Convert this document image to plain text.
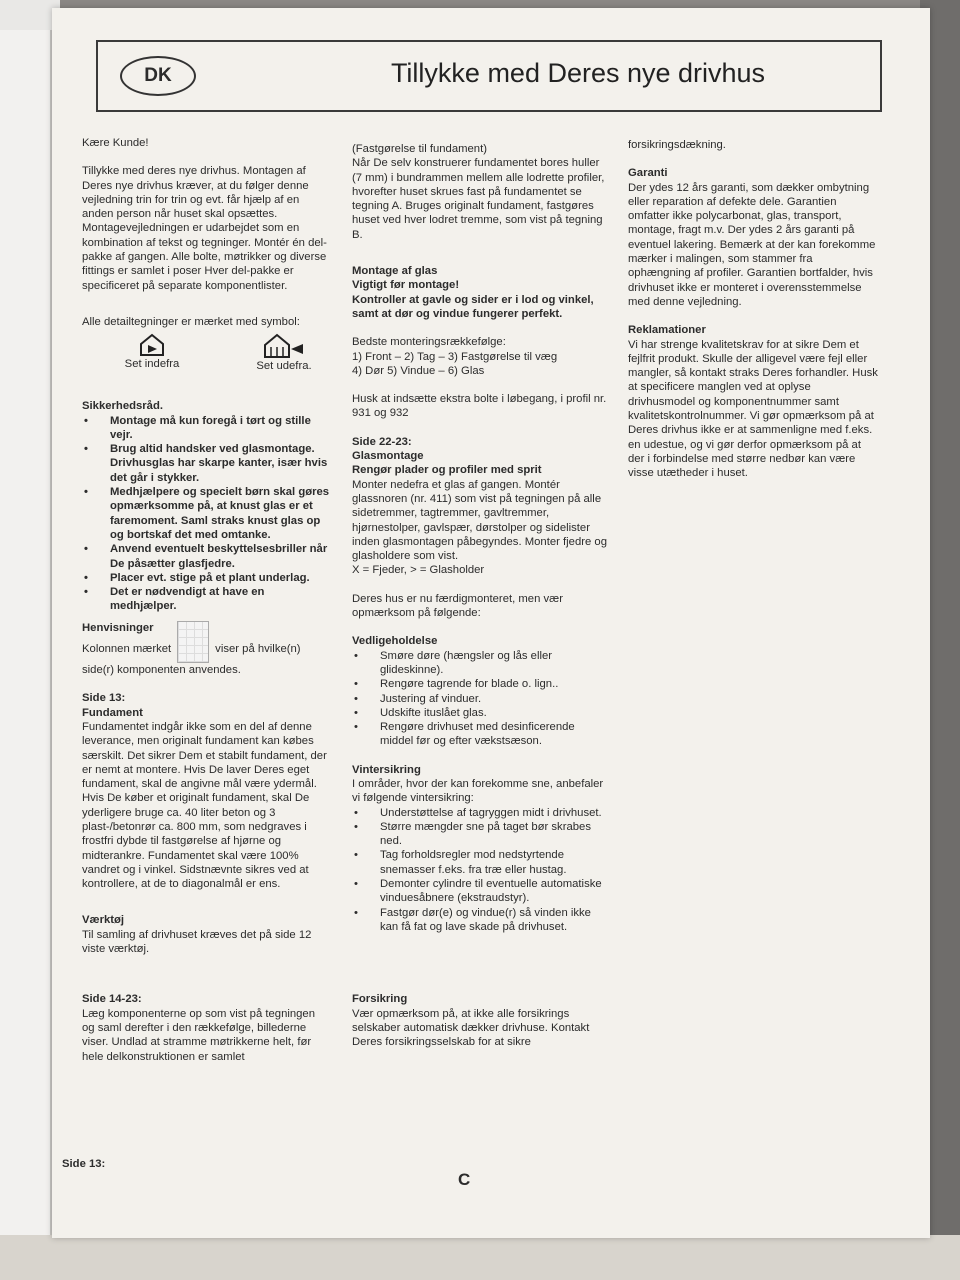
DK	Tillykke med Deres nye drivhus

Kære Kunde!

Tillykke med deres nye drivhus. Montagen af Deres nye drivhus kræver, at du følger denne vejledning trin for trin og evt. får hjælp af en anden person når huset skal opsættes. Montagevejledningen er udarbejdet som en kombination af tekst og tegninger. Montér én del-pakke af gangen. Alle bolte, møtrikker og diverse fittings er samlet i poser Hver del-pakke er specificeret på separate komponentlister.

Alle detailtegninger er mærket med symbol:

Set indefra	Set udefra.

Sikkerhedsråd.

• Montage må kun foregå i tørt og stille vejr.
• Brug altid handsker ved glasmontage. Drivhusglas har skarpe kanter, især hvis det går i stykker.
• Medhjælpere og specielt børn skal gøres opmærksomme på, at knust glas er et faremoment. Saml straks knust glas op og bortskaf det med omtanke.
• Anvend eventuelt beskyttelsesbriller når De påsætter glasfjedre.
• Placer evt. stige på et plant underlag.
• Det er nødvendigt at have en medhjælper.

Henvisninger

Kolonnen mærket	viser på hvilke(n) side(r) komponenten anvendes.

Side 13:

Fundament

Fundamentet indgår ikke som en del af denne leverance, men originalt fundament kan købes særskilt. Det sikrer Dem et stabilt fundament, der er nemt at montere. Hvis De laver Deres eget fundament, skal de angivne mål være ydermål. Hvis De køber et originalt fundament, skal De yderligere bruge ca. 40 liter beton og 3 plast-/betonrør ca. 800 mm, som nedgraves i frostfri dybde til fastgørelse af hjørne og midterankre. Fundamentet skal være 100% vandret og i vinkel. Sidstnævnte sikres ved at kontrollere, at de to diagonalmål er ens.

Værktøj

Til samling af drivhuset kræves det på side 12 viste værktøj.

Side 14-23:

Læg komponenterne op som vist på tegningen og saml derefter i den rækkefølge, billederne viser. Undlad at stramme møtrikkerne helt, før hele delkonstruktionen er samlet

Side 13:

(Fastgørelse til fundament)

Når De selv konstruerer fundamentet bores huller (7 mm) i bundrammen mellem alle lodrette profiler, hvorefter huset skrues fast på fundamentet se tegning A. Bruges originalt fundament, fastgøres huset ved hver lodret tremme, som vist på tegning B.

Montage af glas

Vigtigt før montage!

Kontroller at gavle og sider er i lod og vinkel, samt at dør og vindue fungerer perfekt.

Bedste monteringsrækkefølge:

1) Front – 2) Tag – 3) Fastgørelse til væg

4) Dør 5) Vindue – 6) Glas

Husk at indsætte ekstra bolte i løbegang, i profil nr. 931 og 932

Side 22-23:

Glasmontage

Rengør plader og profiler med sprit

Monter nedefra et glas af gangen. Montér glassnoren (nr. 411) som vist på tegningen på alle sidetremmer, tagtremmer, gavltremmer, hjørnestolper, gavlspær, dørstolper og sidelister inden glasmontagen påbegyndes. Monter fjedre og glasholdere som vist.

X = Fjeder, > = Glasholder

Deres hus er nu færdigmonteret, men vær opmærksom på følgende:

Vedligeholdelse

• Smøre døre (hængsler og lås eller glideskinne).
• Rengøre tagrende for blade o. lign..
• Justering af vinduer.
• Udskifte ituslået glas.
• Rengøre drivhuset med desinficerende middel før og efter vækstsæson.

Vintersikring

I områder, hvor der kan forekomme sne, anbefaler vi følgende vintersikring:

• Understøttelse af tagryggen midt i drivhuset.
• Større mængder sne på taget bør skrabes ned.
• Tag forholdsregler mod nedstyrtende snemasser f.eks. fra træ eller hustag.
• Demonter cylindre til eventuelle automatiske vinduesåbnere (ekstraudstyr).
• Fastgør dør(e) og vindue(r) så vinden ikke kan få fat og lave skade på drivhuset.

Forsikring

Vær opmærksom på, at ikke alle forsikrings selskaber automatisk dækker drivhuse. Kontakt Deres forsikringsselskab for at sikre

C

forsikringsdækning.

Garanti

Der ydes 12 års garanti, som dækker ombytning eller reparation af defekte dele. Garantien omfatter ikke polycarbonat, glas, transport, montage, fragt m.v. Der ydes 2 års garanti på eventuel lakering. Bemærk at der kan forekomme mærker i malingen, som stammer fra ophængning af profiler. Garantien bortfalder, hvis drivhuset ikke er monteret i overensstemmelse med denne vejledning.

Reklamationer

Vi har strenge kvalitetskrav for at sikre Dem et fejlfrit produkt. Skulle der alligevel være fejl eller mangler, så kontakt straks Deres forhandler. Husk at specificere manglen ved at oplyse drivhusmodel og komponentnummer samt kvalitetskontrolnummer. Vi gør opmærksom på at Deres drivhus ikke er at sammenligne med f.eks. en udestue, og vi gør derfor opmærksom på at der i forbindelse med større nedbør kan være visse utætheder i huset.
